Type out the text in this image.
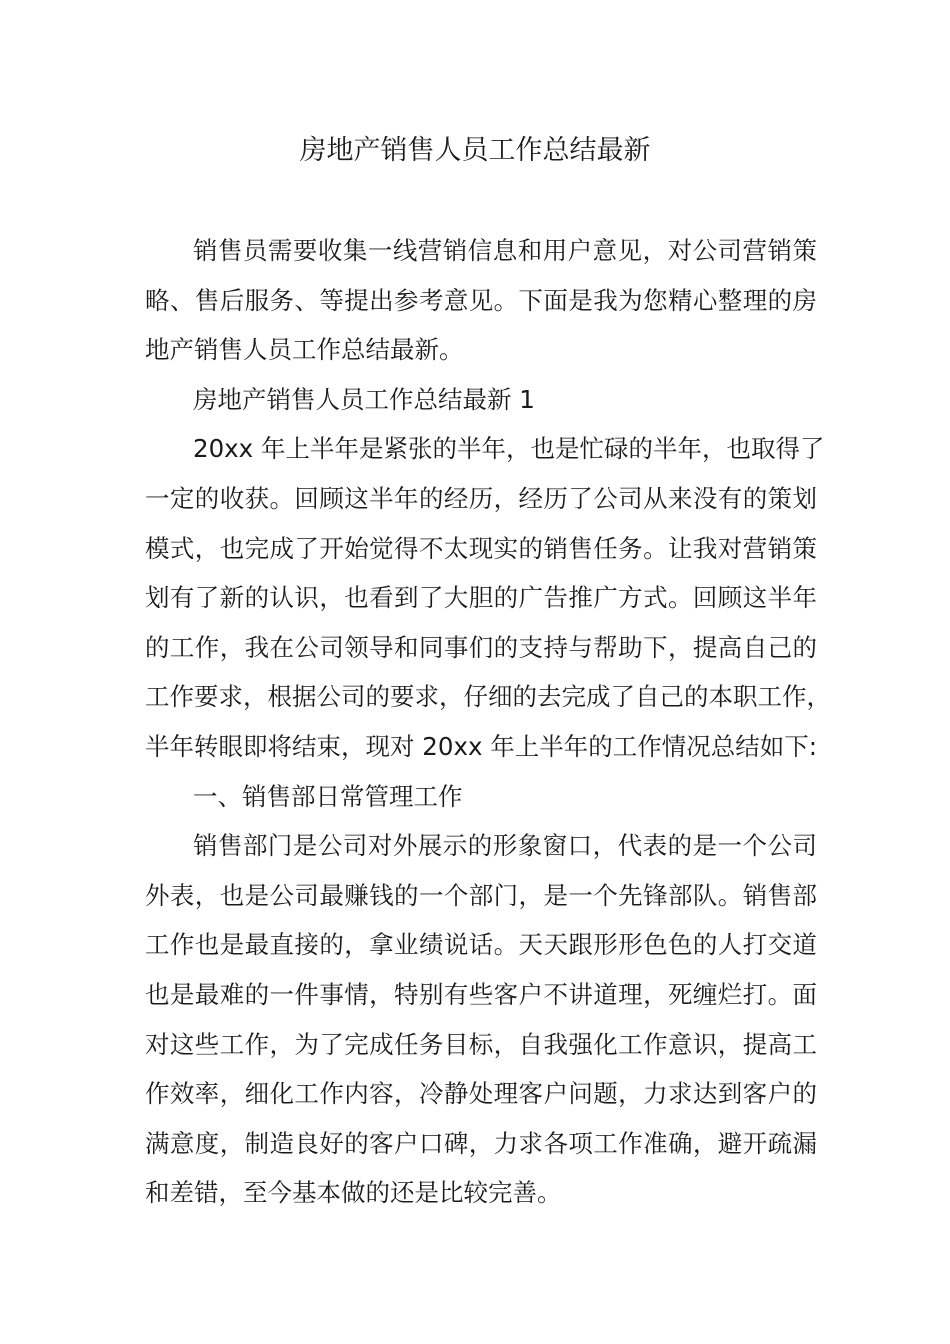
房地产销售人员工作总结最新
销售员需要收集一线营销信息和用户意见，对公司营销策
略、售后服务、等提出参考意见。下面是我为您精心整理的房
地产销售人员工作总结最新。
房地产销售人员工作总结最新 1
20xx 年上半年是紧张的半年，也是忙碌的半年，也取得了
一定的收获。回顾这半年的经历，经历了公司从来没有的策划
模式，也完成了开始觉得不太现实的销售任务。让我对营销策
划有了新的认识，也看到了大胆的广告推广方式。回顾这半年
的工作，我在公司领导和同事们的支持与帮助下，提高自己的
工作要求，根据公司的要求，仔细的去完成了自己的本职工作，
半年转眼即将结束，现对 20xx 年上半年的工作情况总结如下:
一、销售部日常管理工作
销售部门是公司对外展示的形象窗口，代表的是一个公司
外表，也是公司最赚钱的一个部门，是一个先锋部队。销售部
工作也是最直接的，拿业绩说话。天天跟形形色色的人打交道
也是最难的一件事情，特别有些客户不讲道理，死缠烂打。面
对这些工作，为了完成任务目标，自我强化工作意识，提高工
作效率，细化工作内容，冷静处理客户问题，力求达到客户的
满意度，制造良好的客户口碑，力求各项工作准确，避开疏漏
和差错，至今基本做的还是比较完善。
